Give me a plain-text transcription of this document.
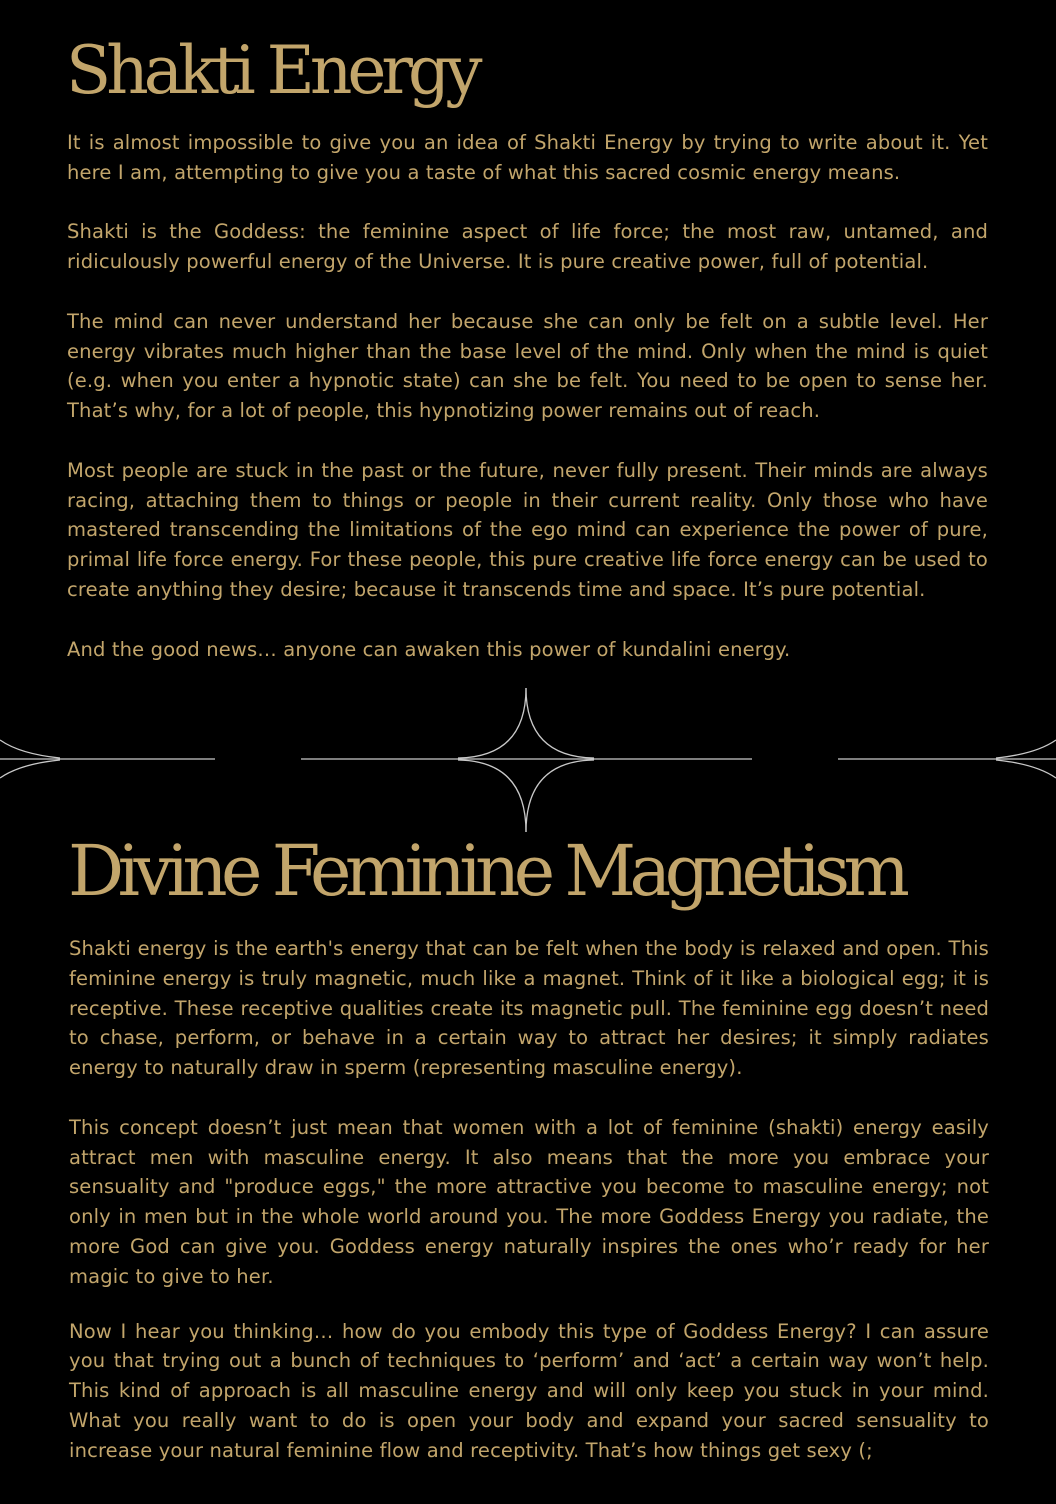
Shakti Energy

It is almost impossible to give you an idea of Shakti Energy by trying to write about it. Yet here I am, attempting to give you a taste of what this sacred cosmic energy means.

Shakti is the Goddess: the feminine aspect of life force; the most raw, untamed, and ridiculously powerful energy of the Universe. It is pure creative power, full of potential.

The mind can never understand her because she can only be felt on a subtle level. Her energy vibrates much higher than the base level of the mind. Only when the mind is quiet (e.g. when you enter a hypnotic state) can she be felt. You need to be open to sense her. That’s why, for a lot of people, this hypnotizing power remains out of reach.

Most people are stuck in the past or the future, never fully present. Their minds are always racing, attaching them to things or people in their current reality. Only those who have mastered transcending the limitations of the ego mind can experience the power of pure, primal life force energy. For these people, this pure creative life force energy can be used to create anything they desire; because it transcends time and space. It’s pure potential.

And the good news… anyone can awaken this power of kundalini energy.

Divine Feminine Magnetism

Shakti energy is the earth's energy that can be felt when the body is relaxed and open. This feminine energy is truly magnetic, much like a magnet. Think of it like a biological egg; it is receptive. These receptive qualities create its magnetic pull. The feminine egg doesn’t need to chase, perform, or behave in a certain way to attract her desires; it simply radiates energy to naturally draw in sperm (representing masculine energy).

This concept doesn’t just mean that women with a lot of feminine (shakti) energy easily attract men with masculine energy. It also means that the more you embrace your sensuality and "produce eggs," the more attractive you become to masculine energy; not only in men but in the whole world around you. The more Goddess Energy you radiate, the more God can give you. Goddess energy naturally inspires the ones who’r ready for her magic to give to her.

Now I hear you thinking… how do you embody this type of Goddess Energy? I can assure you that trying out a bunch of techniques to ‘perform’ and ‘act’ a certain way won’t help. This kind of approach is all masculine energy and will only keep you stuck in your mind. What you really want to do is open your body and expand your sacred sensuality to increase your natural feminine flow and receptivity. That’s how things get sexy (;
